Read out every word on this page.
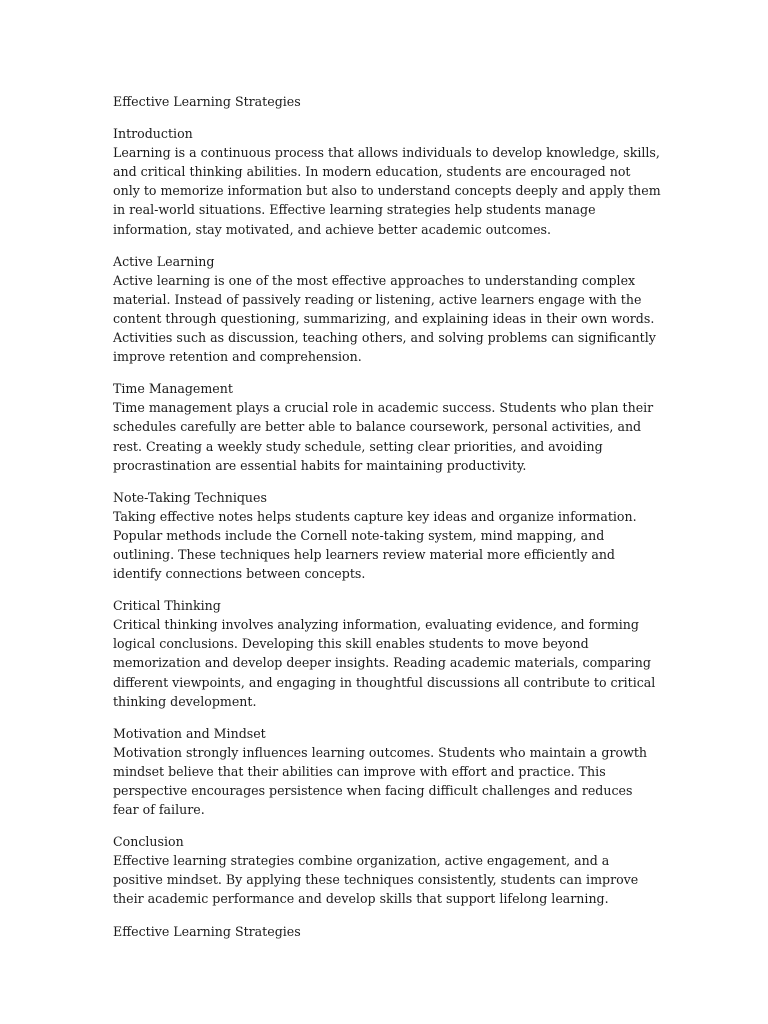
Effective Learning Strategies

Introduction

Learning is a continuous process that allows individuals to develop knowledge, skills, and critical thinking abilities. In modern education, students are encouraged not only to memorize information but also to understand concepts deeply and apply them in real-world situations. Effective learning strategies help students manage information, stay motivated, and achieve better academic outcomes.

Active Learning

Active learning is one of the most effective approaches to understanding complex material. Instead of passively reading or listening, active learners engage with the content through questioning, summarizing, and explaining ideas in their own words. Activities such as discussion, teaching others, and solving problems can significantly improve retention and comprehension.

Time Management

Time management plays a crucial role in academic success. Students who plan their schedules carefully are better able to balance coursework, personal activities, and rest. Creating a weekly study schedule, setting clear priorities, and avoiding procrastination are essential habits for maintaining productivity.

Note-Taking Techniques

Taking effective notes helps students capture key ideas and organize information. Popular methods include the Cornell note-taking system, mind mapping, and outlining. These techniques help learners review material more efficiently and identify connections between concepts.

Critical Thinking

Critical thinking involves analyzing information, evaluating evidence, and forming logical conclusions. Developing this skill enables students to move beyond memorization and develop deeper insights. Reading academic materials, comparing different viewpoints, and engaging in thoughtful discussions all contribute to critical thinking development.

Motivation and Mindset

Motivation strongly influences learning outcomes. Students who maintain a growth mindset believe that their abilities can improve with effort and practice. This perspective encourages persistence when facing difficult challenges and reduces fear of failure.

Conclusion

Effective learning strategies combine organization, active engagement, and a positive mindset. By applying these techniques consistently, students can improve their academic performance and develop skills that support lifelong learning.

Effective Learning Strategies
